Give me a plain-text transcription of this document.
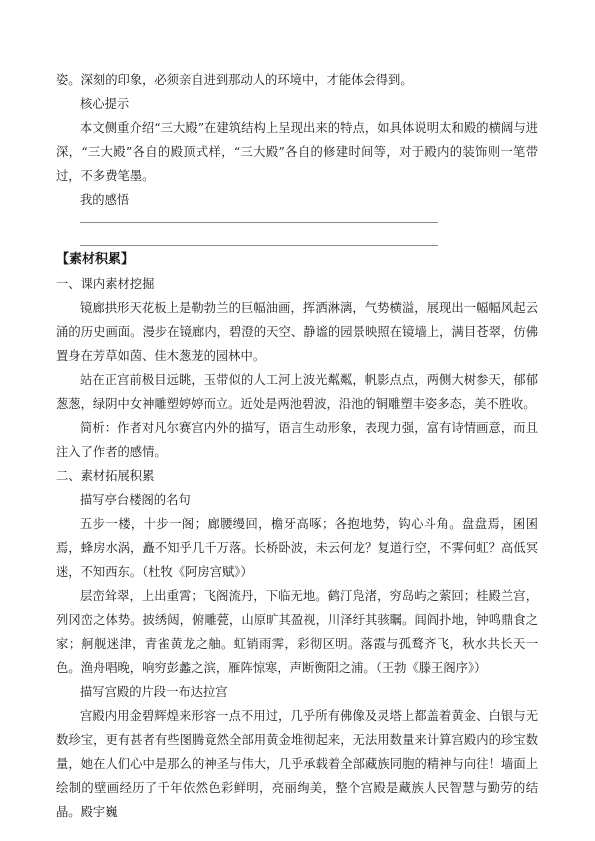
姿。深刻的印象，必须亲自进到那动人的环境中，才能体会得到。

核心提示

本文侧重介绍“三大殿”在建筑结构上呈现出来的特点，如具体说明太和殿的横阔与进深，“三大殿”各自的殿顶式样，“三大殿”各自的修建时间等，对于殿内的装饰则一笔带过，不多费笔墨。

我的感悟

【素材积累】

一、课内素材挖掘

镜廊拱形天花板上是勒勃兰的巨幅油画，挥洒淋漓，气势横溢，展现出一幅幅风起云涌的历史画面。漫步在镜廊内，碧澄的天空、静谧的园景映照在镜墙上，满目苍翠，仿佛置身在芳草如茵、佳木葱茏的园林中。

站在正宫前极目远眺，玉带似的人工河上波光粼粼，帆影点点，两侧大树参天，郁郁葱葱，绿阴中女神雕塑婷婷而立。近处是两池碧波，沿池的铜雕塑丰姿多态，美不胜收。

简析：作者对凡尔赛宫内外的描写，语言生动形象，表现力强，富有诗情画意，而且注入了作者的感情。

二、素材拓展积累

描写亭台楼阁的名句

五步一楼，十步一阁；廊腰缦回，檐牙高啄；各抱地势，钩心斗角。盘盘焉，囷囷焉，蜂房水涡，矗不知乎几千万落。长桥卧波，未云何龙？复道行空，不霁何虹？高低冥迷，不知西东。（杜牧《阿房宫赋》）

层峦耸翠，上出重霄；飞阁流丹，下临无地。鹤汀凫渚，穷岛屿之萦回；桂殿兰宫，列冈峦之体势。披绣闼，俯雕甍，山原旷其盈视，川泽纡其骇瞩。闾阎扑地，钟鸣鼎食之家；舸舰迷津，青雀黄龙之舳。虹销雨霁，彩彻区明。落霞与孤鹜齐飞，秋水共长天一色。渔舟唱晚，响穷彭蠡之滨，雁阵惊寒，声断衡阳之浦。（王勃《滕王阁序》）

描写宫殿的片段一布达拉宫

宫殿内用金碧辉煌来形容一点不用过，几乎所有佛像及灵塔上都盖着黄金、白银与无数珍宝，更有甚者有些图腾竟然全部用黄金堆彻起来，无法用数量来计算宫殿内的珍宝数量，她在人们心中是那么的神圣与伟大，几乎承载着全部藏族同胞的精神与向往！墙面上绘制的壁画经历了千年依然色彩鲜明，亮丽绚美，整个宫殿是藏族人民智慧与勤劳的结晶。殿宇巍
